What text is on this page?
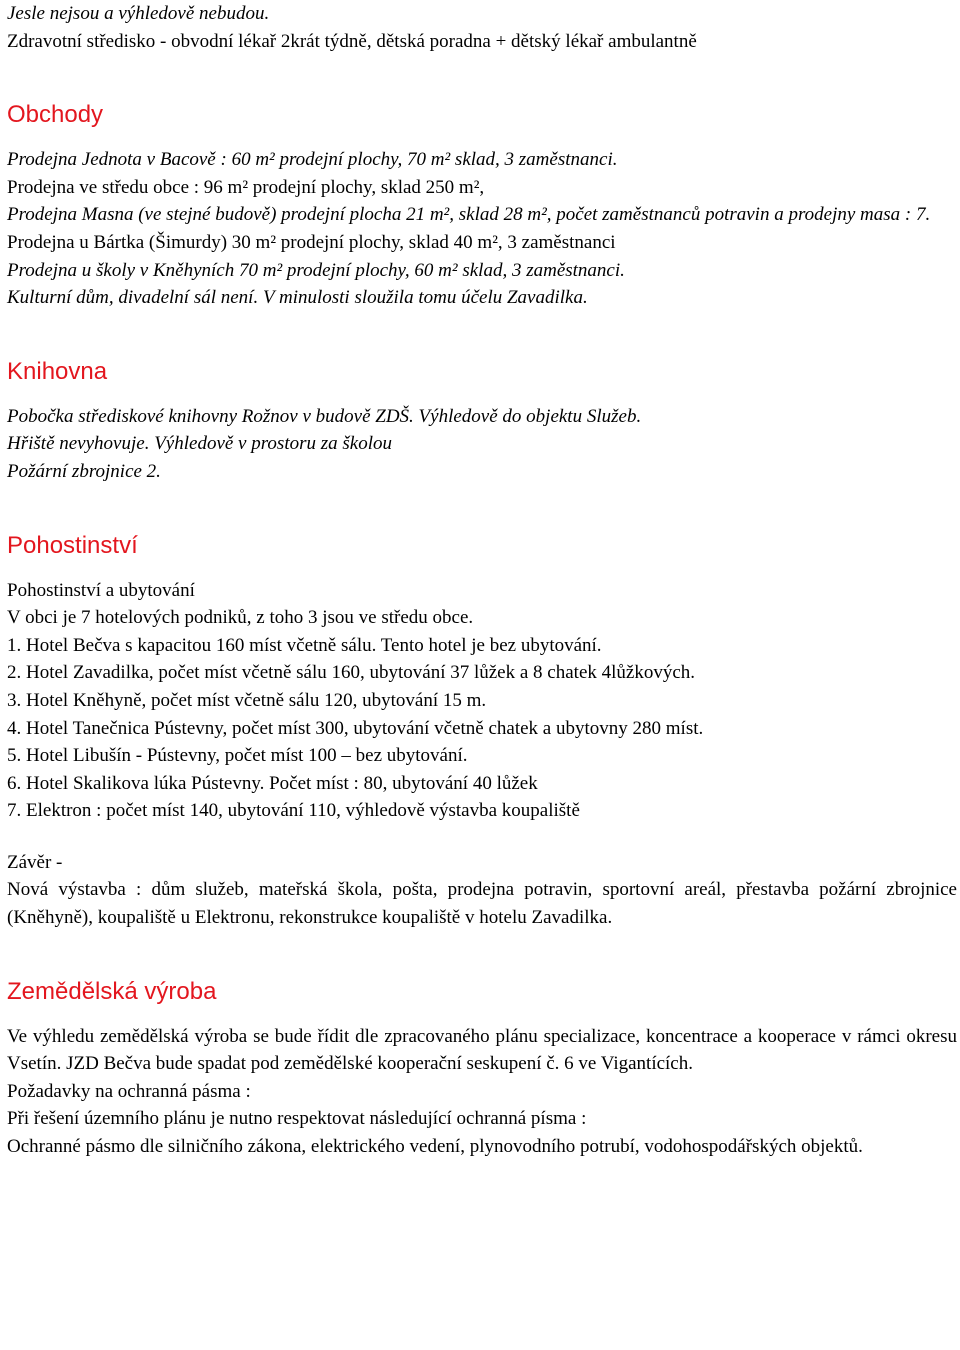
Jesle nejsou a výhledově nebudou.
Zdravotní středisko - obvodní lékař 2krát týdně, dětská poradna + dětský lékař ambulantně
Obchody
Prodejna Jednota v Bacově : 60 m² prodejní plochy, 70 m² sklad, 3 zaměstnanci.
Prodejna ve středu obce : 96 m² prodejní plochy, sklad 250 m²,
Prodejna Masna (ve stejné budově) prodejní plocha 21 m², sklad 28 m², počet zaměstnanců potravin a prodejny masa : 7.
Prodejna u Bártka (Šimurdy) 30 m² prodejní plochy, sklad 40 m², 3 zaměstnanci
Prodejna u školy v Kněhyních 70 m² prodejní plochy, 60 m² sklad, 3 zaměstnanci.
Kulturní dům, divadelní sál není. V minulosti sloužila tomu účelu Zavadilka.
Knihovna
Pobočka střediskové knihovny Rožnov v budově ZDŠ. Výhledově do objektu Služeb.
Hřiště nevyhovuje. Výhledově v prostoru za školou
Požární zbrojnice 2.
Pohostinství
Pohostinství a ubytování
V obci je 7 hotelových podniků, z toho 3 jsou ve středu obce.
1. Hotel Bečva s kapacitou 160 míst včetně sálu. Tento hotel je bez ubytování.
2. Hotel Zavadilka, počet míst včetně sálu 160, ubytování 37 lůžek a 8 chatek 4lůžkových.
3. Hotel Kněhyně, počet míst včetně sálu 120, ubytování 15 m.
4. Hotel Tanečnica Pústevny, počet míst 300, ubytování včetně chatek a ubytovny 280 míst.
5. Hotel Libušín - Pústevny, počet míst 100 – bez ubytování.
6. Hotel Skalikova lúka Pústevny. Počet míst : 80, ubytování 40 lůžek
7. Elektron : počet míst 140, ubytování 110, výhledově výstavba koupaliště
Závěr -
Nová výstavba : dům služeb, mateřská škola, pošta, prodejna potravin, sportovní areál, přestavba požární zbrojnice (Kněhyně), koupaliště u Elektronu, rekonstrukce koupaliště v hotelu Zavadilka.
Zemědělská výroba
Ve výhledu zemědělská výroba se bude řídit dle zpracovaného plánu specializace, koncentrace a kooperace v rámci okresu Vsetín. JZD Bečva bude spadat pod zemědělské kooperační seskupení č. 6 ve Vigantících.
Požadavky na ochranná pásma :
Při řešení územního plánu je nutno respektovat následující ochranná písma :
Ochranné pásmo dle silničního zákona, elektrického vedení, plynovodního potrubí, vodohospodářských objektů.
